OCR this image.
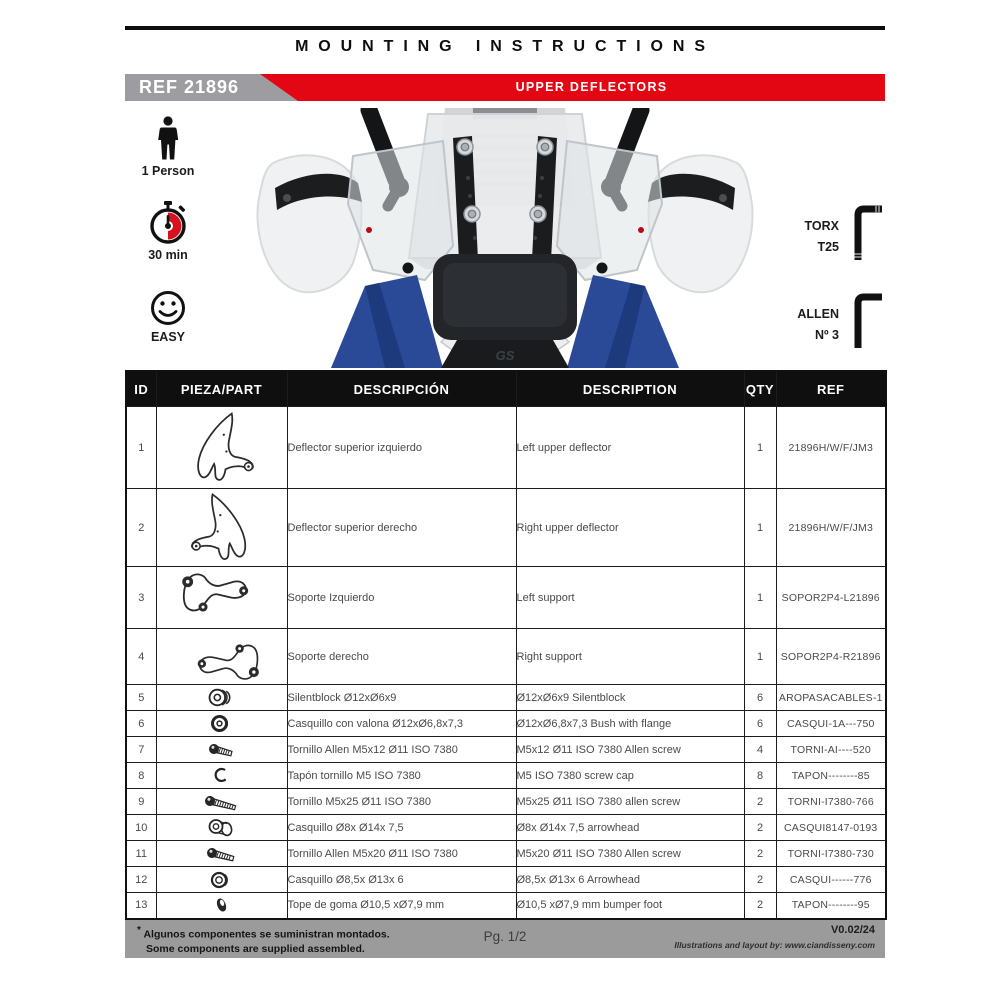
MOUNTING INSTRUCTIONS
REF 21896	UPPER DEFLECTORS
1 Person
30 min
EASY
GS
TORX
T25
ALLEN
Nº 3
ID	PIEZA/PART	DESCRIPCIÓN	DESCRIPTION	QTY	REF
1		Deflector superior izquierdo	Left upper deflector	1	21896H/W/F/JM3
2		Deflector superior derecho	Right upper deflector	1	21896H/W/F/JM3
3		Soporte Izquierdo	Left support	1	SOPOR2P4-L21896
4		Soporte derecho	Right support	1	SOPOR2P4-R21896
5		Silentblock Ø12xØ6x9	Ø12xØ6x9 Silentblock	6	AROPASACABLES-1
6		Casquillo con valona Ø12xØ6,8x7,3	Ø12xØ6,8x7,3 Bush with flange	6	CASQUI-1A---750
7		Tornillo Allen M5x12 Ø11 ISO 7380	M5x12 Ø11 ISO 7380 Allen screw	4	TORNI-AI----520
8		Tapón tornillo M5 ISO 7380	M5 ISO 7380 screw cap	8	TAPON--------85
9		Tornillo M5x25 Ø11 ISO 7380	M5x25 Ø11 ISO 7380 allen screw	2	TORNI-I7380-766
10		Casquillo Ø8x Ø14x 7,5	Ø8x Ø14x 7,5 arrowhead	2	CASQUI8147-0193
11		Tornillo Allen M5x20 Ø11 ISO 7380	M5x20 Ø11 ISO 7380 Allen screw	2	TORNI-I7380-730
12		Casquillo Ø8,5x Ø13x 6	Ø8,5x Ø13x 6 Arrowhead	2	CASQUI------776
13		Tope de goma Ø10,5 xØ7,9 mm	Ø10,5 xØ7,9 mm bumper foot	2	TAPON--------95
* Algunos componentes se suministran montados.
Some components are supplied assembled.
Pg. 1/2	V0.02/24
Illustrations and layout by: www.ciandisseny.com
